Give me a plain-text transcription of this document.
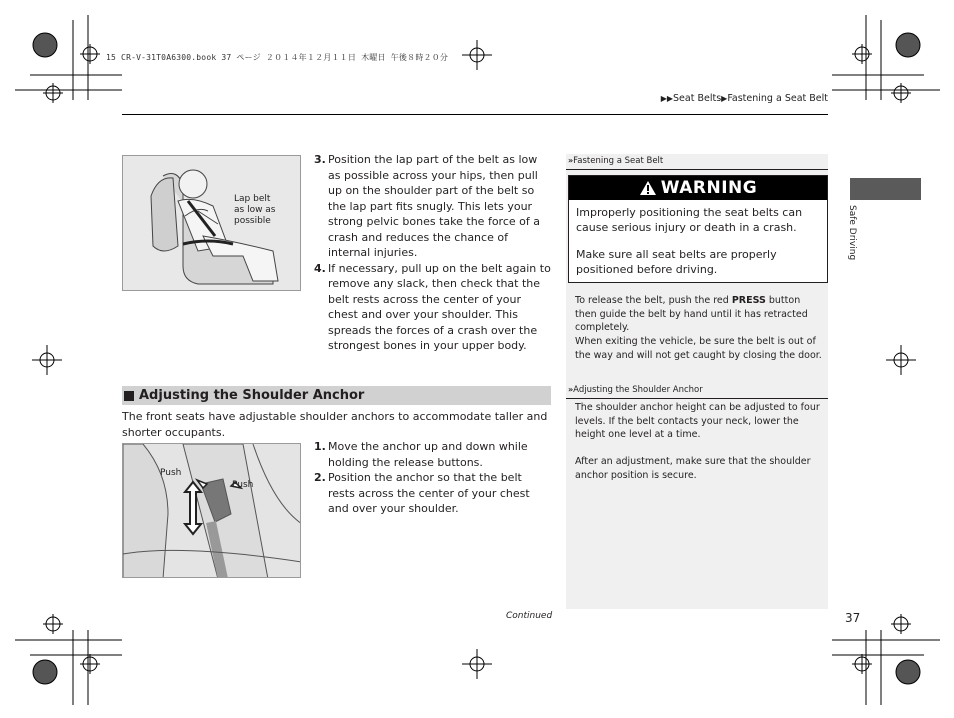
15 CR-V-31T0A6300.book 37 ページ ２０１４年１２月１１日 木曜日 午後８時２０分
▶▶Seat Belts▶Fastening a Seat Belt
Lap belt
as low as
possible
3. Position the lap part of the belt as low as possible across your hips, then pull up on the shoulder part of the belt so the lap part fits snugly. This lets your strong pelvic bones take the force of a crash and reduces the chance of internal injuries.
4. If necessary, pull up on the belt again to remove any slack, then check that the belt rests across the center of your chest and over your shoulder. This spreads the forces of a crash over the strongest bones in your upper body.
Adjusting the Shoulder Anchor
The front seats have adjustable shoulder anchors to accommodate taller and shorter occupants.
Push
Push
1. Move the anchor up and down while holding the release buttons.
2. Position the anchor so that the belt rests across the center of your chest and over your shoulder.
»Fastening a Seat Belt
WARNING
Improperly positioning the seat belts can cause serious injury or death in a crash.
Make sure all seat belts are properly positioned before driving.
To release the belt, push the red PRESS button then guide the belt by hand until it has retracted completely.
When exiting the vehicle, be sure the belt is out of the way and will not get caught by closing the door.
»Adjusting the Shoulder Anchor
The shoulder anchor height can be adjusted to four levels. If the belt contacts your neck, lower the height one level at a time.
After an adjustment, make sure that the shoulder anchor position is secure.
Safe Driving
Continued	37
